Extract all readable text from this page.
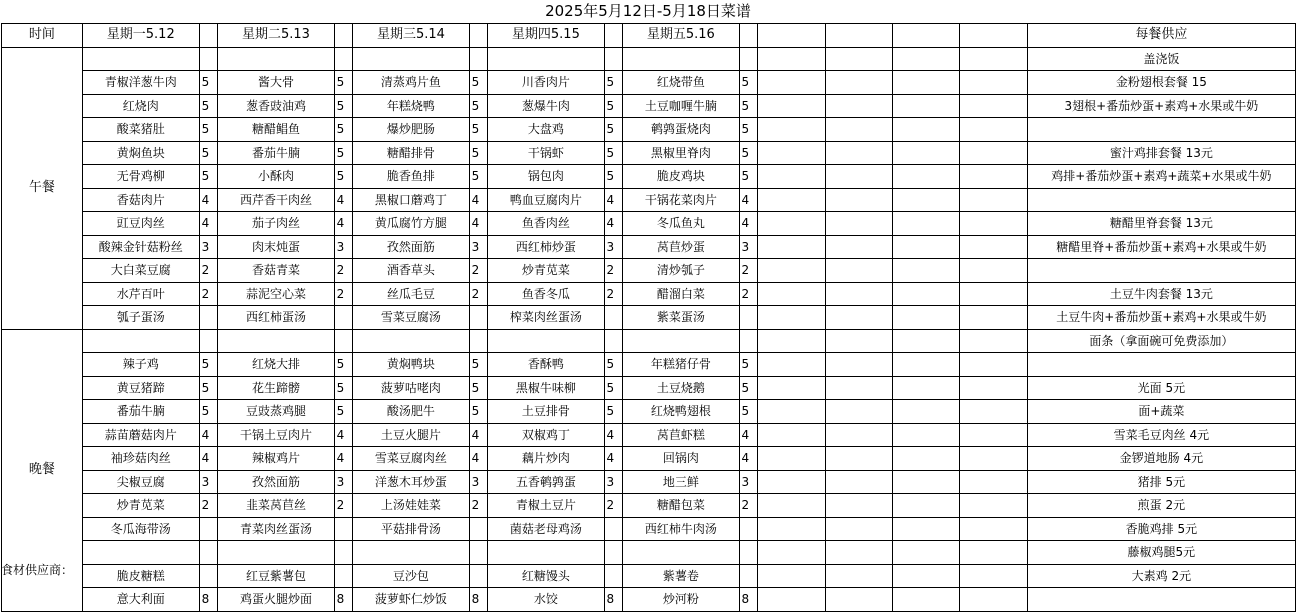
2025年5月12日-5月18日菜谱
时间	星期一5.12		星期二5.13		星期三5.14		星期四5.15		星期五5.16						每餐供应
午餐															盖浇饭
	青椒洋葱牛肉	5	酱大骨	5	清蒸鸡片鱼	5	川香肉片	5	红烧带鱼	5					金粉翅根套餐 15
	红烧肉	5	葱香豉油鸡	5	年糕烧鸭	5	葱爆牛肉	5	土豆咖喱牛腩	5					3翅根+番茄炒蛋+素鸡+水果或牛奶
	酸菜猪肚	5	糖醋鲳鱼	5	爆炒肥肠	5	大盘鸡	5	鹌鹑蛋烧肉	5					
	黄焖鱼块	5	番茄牛腩	5	糖醋排骨	5	干锅虾	5	黑椒里脊肉	5					蜜汁鸡排套餐 13元
	无骨鸡柳	5	小酥肉	5	脆香鱼排	5	锅包肉	5	脆皮鸡块	5					鸡排+番茄炒蛋+素鸡+蔬菜+水果或牛奶
	香菇肉片	4	西芹香干肉丝	4	黑椒口蘑鸡丁	4	鸭血豆腐肉片	4	干锅花菜肉片	4					
	豇豆肉丝	4	茄子肉丝	4	黄瓜腐竹方腿	4	鱼香肉丝	4	冬瓜鱼丸	4					糖醋里脊套餐 13元
	酸辣金针菇粉丝	3	肉末炖蛋	3	孜然面筋	3	西红柿炒蛋	3	莴苣炒蛋	3					糖醋里脊+番茄炒蛋+素鸡+水果或牛奶
	大白菜豆腐	2	香菇青菜	2	酒香草头	2	炒青苋菜	2	清炒瓠子	2					
	水芹百叶	2	蒜泥空心菜	2	丝瓜毛豆	2	鱼香冬瓜	2	醋溜白菜	2					土豆牛肉套餐 13元
	瓠子蛋汤		西红柿蛋汤		雪菜豆腐汤		榨菜肉丝蛋汤		紫菜蛋汤						土豆牛肉+番茄炒蛋+素鸡+水果或牛奶
晚餐															面条（拿面碗可免费添加）
	辣子鸡	5	红烧大排	5	黄焖鸭块	5	香酥鸭	5	年糕猪仔骨	5					
	黄豆猪蹄	5	花生蹄髈	5	菠萝咕咾肉	5	黑椒牛味柳	5	土豆烧鹅	5					光面 5元
	番茄牛腩	5	豆豉蒸鸡腿	5	酸汤肥牛	5	土豆排骨	5	红烧鸭翅根	5					面+蔬菜
	蒜苗蘑菇肉片	4	干锅土豆肉片	4	土豆火腿片	4	双椒鸡丁	4	莴苣虾糕	4					雪菜毛豆肉丝 4元
	袖珍菇肉丝	4	辣椒鸡片	4	雪菜豆腐肉丝	4	藕片炒肉	4	回锅肉	4					金锣道地肠 4元
	尖椒豆腐	3	孜然面筋	3	洋葱木耳炒蛋	3	五香鹌鹑蛋	3	地三鲜	3					猪排 5元
	炒青苋菜	2	韭菜莴苣丝	2	上汤娃娃菜	2	青椒土豆片	2	糖醋包菜	2					煎蛋 2元
	冬瓜海带汤		青菜肉丝蛋汤		平菇排骨汤		菌菇老母鸡汤		西红柿牛肉汤						香脆鸡排 5元
															藤椒鸡腿5元
	脆皮糖糕		红豆紫薯包		豆沙包		红糖馒头		紫薯卷						大素鸡 2元
	意大利面	8	鸡蛋火腿炒面	8	菠萝虾仁炒饭	8	水饺	8	炒河粉	8					
食材供应商：
